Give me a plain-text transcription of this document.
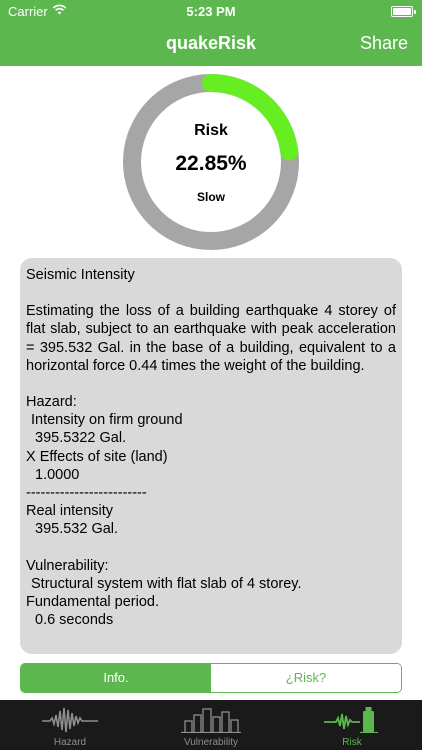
Carrier	5:23 PM
quakeRisk	Share
Risk
22.85%
Slow

Seismic Intensity

Estimating the loss of a building earthquake 4 storey of flat slab, subject to an earthquake with peak acceleration = 395.532 Gal. in the base of a building, equivalent to a horizontal force 0.44 times the weight of the building.

Hazard:

Intensity on firm ground

395.5322 Gal.

X Effects of site (land)

1.0000

-------------------------

Real intensity

395.532 Gal.

Vulnerability:

Structural system with flat slab of 4 storey.

Fundamental period.

0.6 seconds

Info.	¿Risk?
Hazard	Vulnerability	Risk
